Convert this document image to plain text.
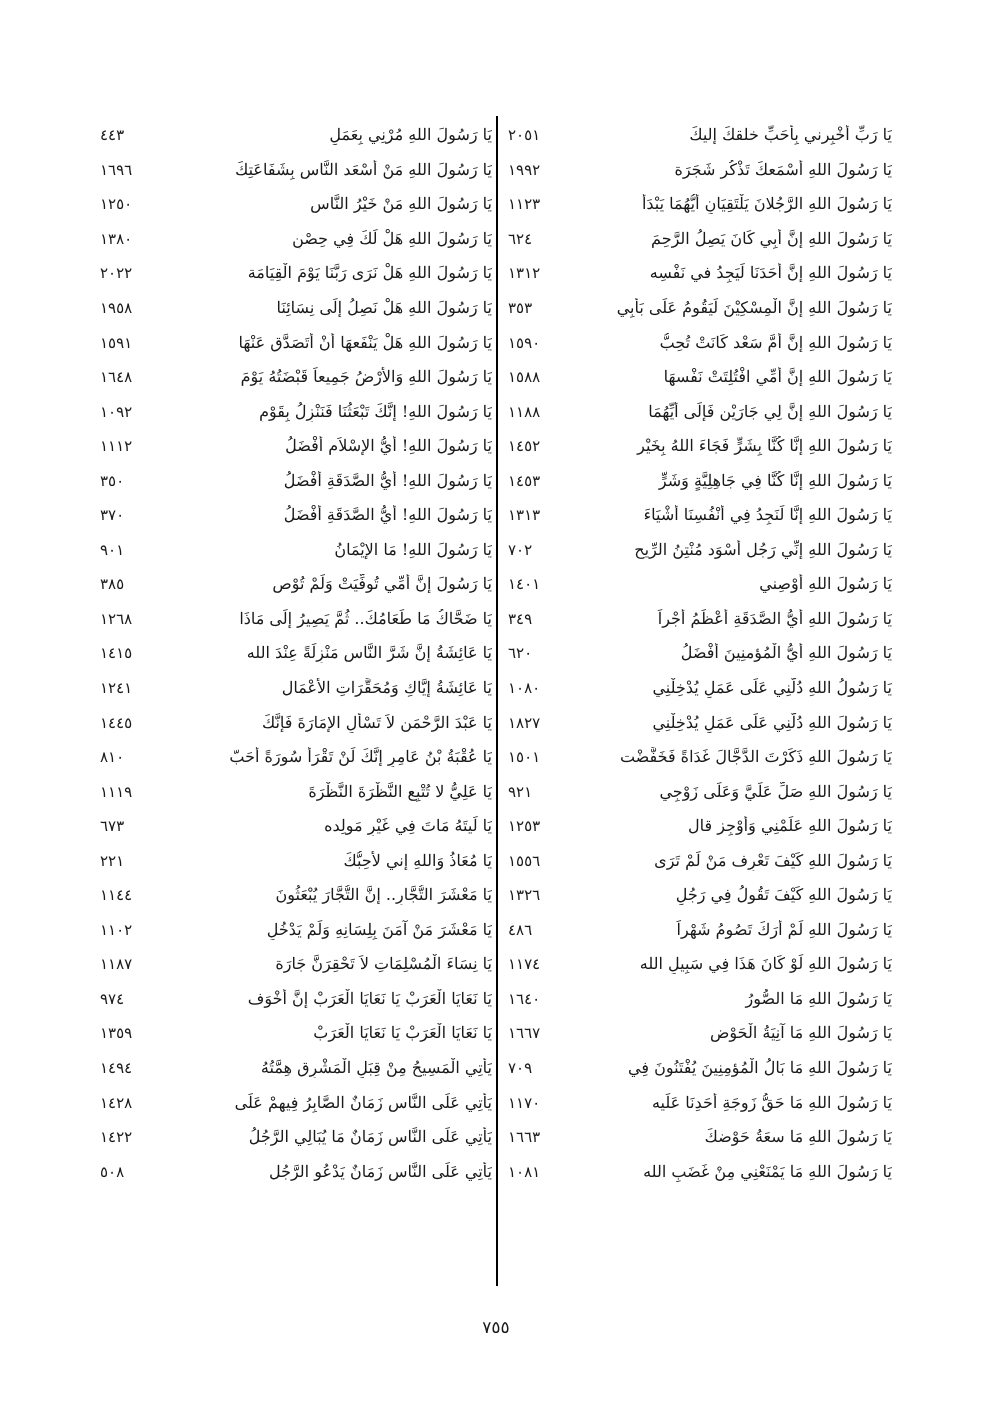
يَا رَبِّ أَخْبِرني بِأَحَبِّ خلقكَ إِليكَ
٢٠٥١
يَا رَسُولَ اللهِ أَسْمَعكَ تَذْكُر شَجَرَة
١٩٩٢
يَا رَسُولَ اللهِ الرَّجُلانَ يَلْتَقِيَانِ أَيُّهُمَا يَبْدَأُ
١١٢٣
يَا رَسُولَ اللهِ إِنَّ أَبِي كَانَ يَصِلُ الرَّحِمَ
٦٢٤
يَا رَسُولَ اللهِ إِنَّ أَحَدَنَا لَيَجِدُ في نَفْسِه
١٣١٢
يَا رَسُولَ اللهِ إِنَّ الْمِسْكِيْنَ لَيَقُومُ عَلَى بَأبِي
٣٥٣
يَا رَسُولَ اللهِ إِنَّ أُمَّ سَعْد كَانَتْ تُحِبُّ
١٥٩٠
يَا رَسُولَ اللهِ إِنَّ أُمِّي افْتُلِتَتْ نَفْسهَا
١٥٨٨
يَا رَسُولَ اللهِ إِنَّ لِي جَارَيْنِ فَإِلَى أَيِّهُمَا
١١٨٨
يَا رَسُولَ اللهِ إِنَّا كُنَّا بِشَرٍّ فَجَاءَ اللهُ بِخَيْر
١٤٥٢
يَا رَسُولَ اللهِ إِنَّا كُنَّا فِي جَاهِلِيَّةٍ وَشَرٍّ
١٤٥٣
يَا رَسُولَ اللهِ إِنَّا لَنَجِدُ فِي أَنْفُسِنَا أَشْيَاءَ
١٣١٣
يَا رَسُولَ اللهِ إِنِّي رَجُل أَسْوَد مُنْتِنُ الرِّيح
٧٠٢
يَا رَسُولَ اللهِ أَوْصِني
١٤٠١
يَا رَسُولَ اللهِ أَيُّ الصَّدَقَةِ أَعْظَمُ أَجْراً
٣٤٩
يَا رَسُولَ اللهِ أَيُّ الْمُؤمنِينَ أَفْضَلُ
٦٢٠
يَا رَسُولُ اللهِ دُلَّنِي عَلَى عَمَلٍ يُدْخِلْنِي
١٠٨٠
يَا رَسُولَ اللهِ دُلَّنِي عَلَى عَمَلٍ يُدْخِلْنِي
١٨٢٧
يَا رَسُولَ اللهِ ذَكَرْتَ الدَّجَّالَ غَدَاةً فَخَفَّضْت
١٥٠١
يَا رَسُولَ اللهِ صَلِّ عَلَيَّ وَعَلَى زَوْجِي
٩٢١
يَا رَسُولَ اللهِ عَلِّمْنِي وَأَوْجِز قال
١٢٥٣
يَا رَسُولَ اللهِ كَيْفَ تَعْرِف مَنْ لَمْ تَرَى
١٥٥٦
يَا رَسُولَ اللهِ كَيْفَ تَقُولُ فِي رَجُلٍ
١٣٢٦
يَا رَسُولَ اللهِ لَمْ أَرَكَ تَصُومُ شَهْراً
٤٨٦
يَا رَسُولَ اللهِ لَوْ كَانَ هَذَا فِي سَبِيلِ الله
١١٧٤
يَا رَسُولَ اللهِ مَا الصُّورُ
١٦٤٠
يَا رَسُولَ اللهِ مَا آنِيَةُ الْحَوْضِ
١٦٦٧
يَا رَسُولَ اللهِ مَا بَالُ الْمُؤمِنِينَ يُفْتَنُونَ فِي
٧٠٩
يَا رَسُولَ اللهِ مَا حَقُّ زَوجَةِ أَحَدِنَا عَلَيه
١١٧٠
يَا رَسُولَ اللهِ مَا سعَةُ حَوْضكَ
١٦٦٣
يَا رَسُولَ اللهِ مَا يَمْنَعْنِي مِنْ غَضَبِ الله
١٠٨١
يَا رَسُولَ اللهِ مُرْنِي بِعَمَلٍ
٤٤٣
يَا رَسُولَ اللهِ مَنْ أَسْعَد النَّاسِ بِشَفَاعَتِكَ
١٦٩٦
يَا رَسُولَ اللهِ مَنْ خَيْرُ النَّاسِ
١٢٥٠
يَا رَسُولَ اللهِ هَلْ لَكَ فِي حِصْنٍ
١٣٨٠
يَا رَسُولَ اللهِ هَلْ نَرَى رَبَّنَا يَوْمَ الْقِيَامَة
٢٠٢٢
يَا رَسُولَ اللهِ هَلْ نَصِلُ إِلَى نِسَائِنَا
١٩٥٨
يَا رَسُولَ اللهِ هَلْ يَنْفَعهَا أَنْ أَتَصَدَّق عَنْهَا
١٥٩١
يَا رَسُولَ اللهِ وَالأَرْضُ جَمِيعاً قَبْضَتُهُ يَوْمَ
١٦٤٨
يَا رَسُولَ اللهِ! إِنَّكَ تَبْعَثُنَا فَنَنْزِلُ بِقَوْمٍ
١٠٩٢
يَا رَسُولَ اللهِ! أَيُّ الإِسْلاَمِ أَفْضَلُ
١١١٢
يَا رَسُولَ اللهِ! أَيُّ الصَّدَقَةِ أَفْضَلُ
٣٥٠
يَا رَسُولَ اللهِ! أَيُّ الصَّدَقَةِ أَفْضَلُ
٣٧٠
يَا رَسُولَ اللهِ! مَا الإِيْمَانُ
٩٠١
يَا رَسُولَ إِنَّ أُمِّي تُوفِّيَتْ وَلَمْ تُوْصِ
٣٨٥
يَا ضَحَّاكُ مَا طَعَامُكَ.. ثُمَّ يَصِيرُ إِلَى مَاذَا
١٢٦٨
يَا عَائِشَةُ إِنَّ شَرَّ النَّاسِ مَنْزِلَةً عِنْدَ الله
١٤١٥
يَا عَائِشَةُ إِيَّاكِ وَمُحَقَّرَاتِ الأَعْمَال
١٢٤١
يَا عَبْدَ الرَّحْمَنِ لاَ تَسْأَلِ الإِمَارَةَ فَإِنَّكَ
١٤٤٥
يَا عُقْبَةُ بْنُ عَامِرٍ إِنَّكَ لَنْ تَقْرَأْ سُورَةً أَحَبّ
٨١٠
يَا عَلِيُّ لا تُتْبِعِ النَّظْرَةَ النَّظْرَةَ
١١١٩
يَا لَيتَهُ مَاتَ فِي غَيْرِ مَولِده
٦٧٣
يَا مُعَاذُ وَاللهِ إِني لأُحِبُّكَ
٢٢١
يَا مَعْشَرَ التُّجَّارِ.. إِنَّ التُّجَّارَ يُبْعَثُونَ
١١٤٤
يَا مَعْشَرَ مَنْ آمَنَ بِلِسَانِهِ وَلَمْ يَدْخُلِ
١١٠٢
يَا نِسَاءَ الْمُسْلِمَاتِ لاَ تَحْقِرَنَّ جَارَة
١١٨٧
يَا نَعَايَا الْعَرَبْ يَا نَعَايَا الْعَرَبْ إِنَّ أَخْوَف
٩٧٤
يَا نَعَايَا الْعَرَبْ يَا نَعَايَا الْعَرَبْ
١٣٥٩
يَأْتِي الْمَسِيحُ مِنْ قِبَلِ الْمَشْرِقِ هِمَّتُهُ
١٤٩٤
يَأْتِي عَلَى النَّاسِ زَمَانٌ الصَّابِرُ فِيهِمْ عَلَى
١٤٢٨
يَأْتِي عَلَى النَّاسِ زَمَانٌ مَا يُبَالِي الرَّجُلُ
١٤٢٢
يَأْتِي عَلَى النَّاسِ زَمَانٌ يَدْعُو الرَّجُل
٥٠٨
٧٥٥
